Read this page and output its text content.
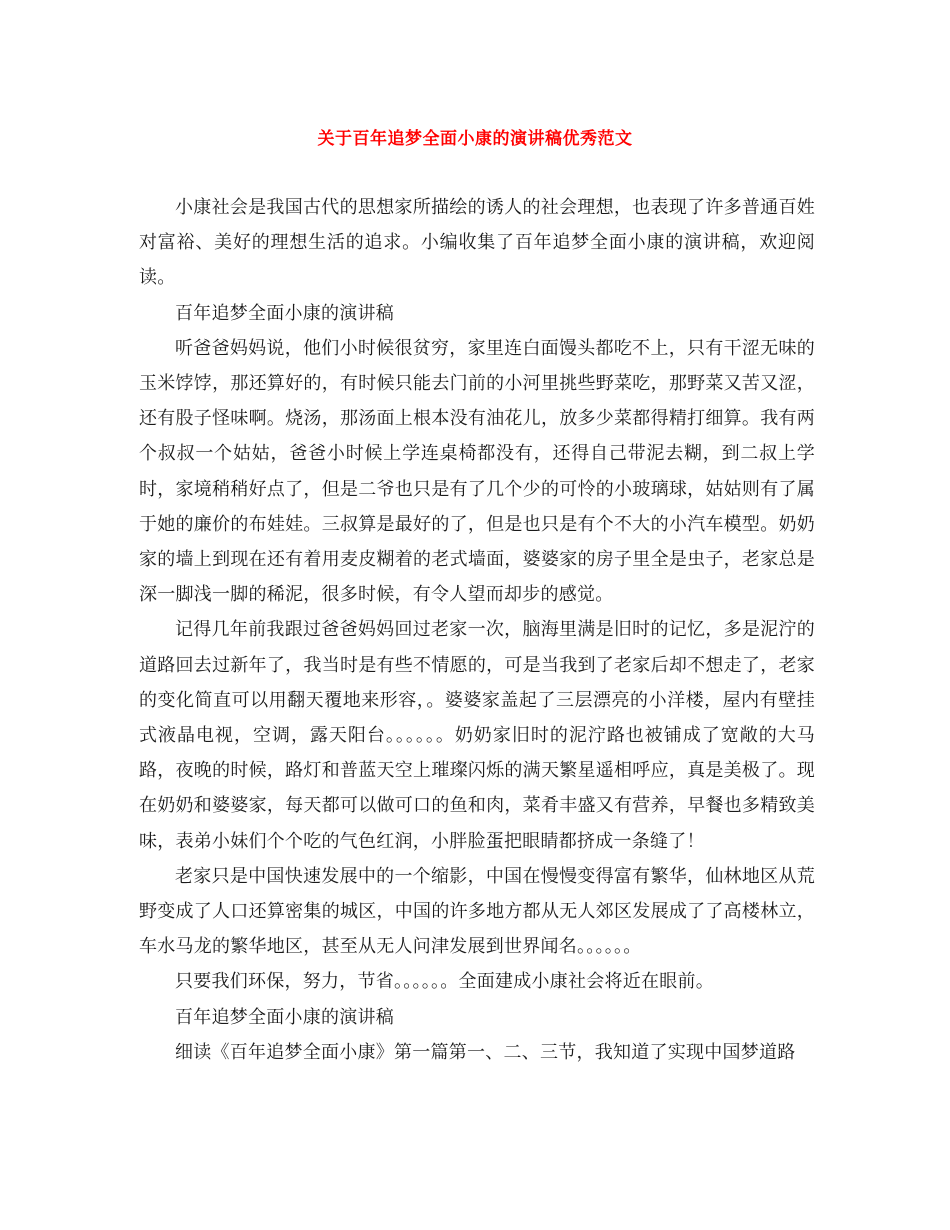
关于百年追梦全面小康的演讲稿优秀范文

小康社会是我国古代的思想家所描绘的诱人的社会理想，也表现了许多普通百姓对富裕、美好的理想生活的追求。小编收集了百年追梦全面小康的演讲稿，欢迎阅读。

百年追梦全面小康的演讲稿

听爸爸妈妈说，他们小时候很贫穷，家里连白面馒头都吃不上，只有干涩无味的玉米饽饽，那还算好的，有时候只能去门前的小河里挑些野菜吃，那野菜又苦又涩，还有股子怪味啊。烧汤，那汤面上根本没有油花儿，放多少菜都得精打细算。我有两个叔叔一个姑姑，爸爸小时候上学连桌椅都没有，还得自己带泥去糊，到二叔上学时，家境稍稍好点了，但是二爷也只是有了几个少的可怜的小玻璃球，姑姑则有了属于她的廉价的布娃娃。三叔算是最好的了，但是也只是有个不大的小汽车模型。奶奶家的墙上到现在还有着用麦皮糊着的老式墙面，婆婆家的房子里全是虫子，老家总是深一脚浅一脚的稀泥，很多时候，有令人望而却步的感觉。

记得几年前我跟过爸爸妈妈回过老家一次，脑海里满是旧时的记忆，多是泥泞的道路回去过新年了，我当时是有些不情愿的，可是当我到了老家后却不想走了，老家的变化简直可以用翻天覆地来形容，。婆婆家盖起了三层漂亮的小洋楼，屋内有壁挂式液晶电视，空调，露天阳台。。。。。。奶奶家旧时的泥泞路也被铺成了宽敞的大马路，夜晚的时候，路灯和普蓝天空上璀璨闪烁的满天繁星遥相呼应，真是美极了。现在奶奶和婆婆家，每天都可以做可口的鱼和肉，菜肴丰盛又有营养，早餐也多精致美味，表弟小妹们个个吃的气色红润，小胖脸蛋把眼睛都挤成一条缝了！

老家只是中国快速发展中的一个缩影，中国在慢慢变得富有繁华，仙林地区从荒野变成了人口还算密集的城区，中国的许多地方都从无人郊区发展成了了高楼林立，车水马龙的繁华地区，甚至从无人问津发展到世界闻名。。。。。。

只要我们环保，努力，节省。。。。。。全面建成小康社会将近在眼前。

百年追梦全面小康的演讲稿

细读《百年追梦全面小康》第一篇第一、二、三节，我知道了实现中国梦道路
